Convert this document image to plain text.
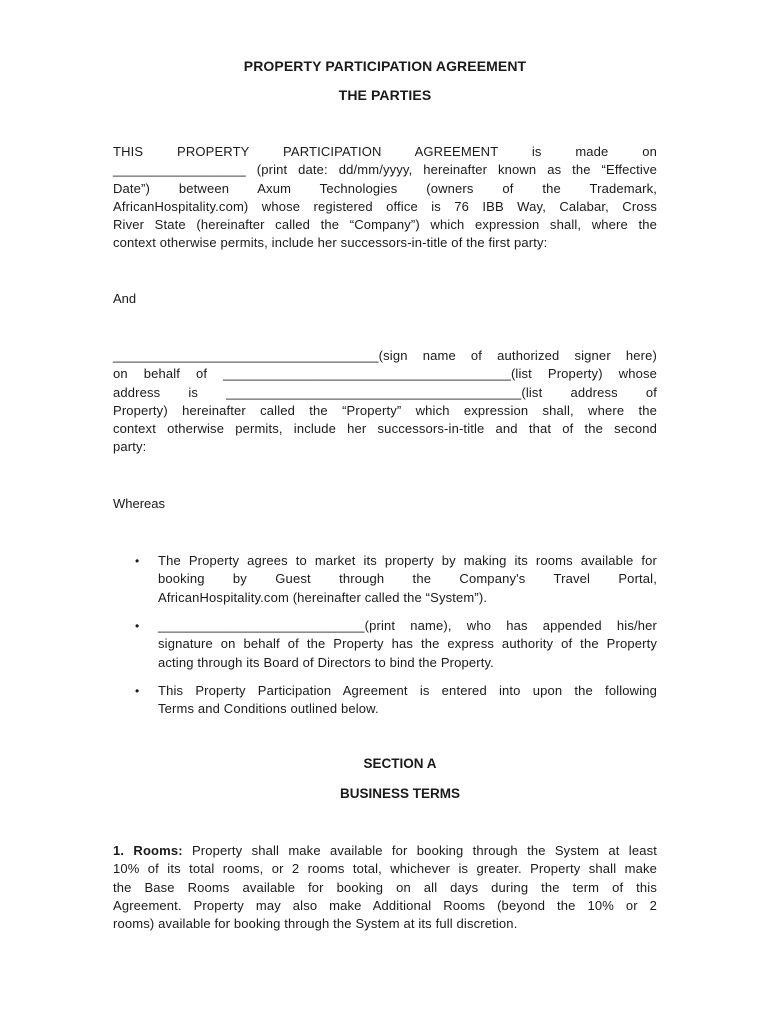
PROPERTY PARTICIPATION AGREEMENT
THE PARTIES
THIS PROPERTY PARTICIPATION AGREEMENT is made on
__________________ (print date: dd/mm/yyyy, hereinafter known as the “Effective
Date”) between Axum Technologies (owners of the Trademark,
AfricanHospitality.com) whose registered office is 76 IBB Way, Calabar, Cross
River State (hereinafter called the “Company”) which expression shall, where the
context otherwise permits, include her successors-in-title of the first party:
And
____________________________________(sign name of authorized signer here)
on behalf of _______________________________________(list Property) whose
address is ________________________________________(list address of
Property) hereinafter called the “Property” which expression shall, where the
context otherwise permits, include her successors-in-title and that of the second
party:
Whereas
• The Property agrees to market its property by making its rooms available for
booking by Guest through the Company's Travel Portal,
AfricanHospitality.com (hereinafter called the “System”).
• ____________________________(print name), who has appended his/her
signature on behalf of the Property has the express authority of the Property
acting through its Board of Directors to bind the Property.
• This Property Participation Agreement is entered into upon the following
Terms and Conditions outlined below.
SECTION A
BUSINESS TERMS
1. Rooms: Property shall make available for booking through the System at least
10% of its total rooms, or 2 rooms total, whichever is greater. Property shall make
the Base Rooms available for booking on all days during the term of this
Agreement. Property may also make Additional Rooms (beyond the 10% or 2
rooms) available for booking through the System at its full discretion.
